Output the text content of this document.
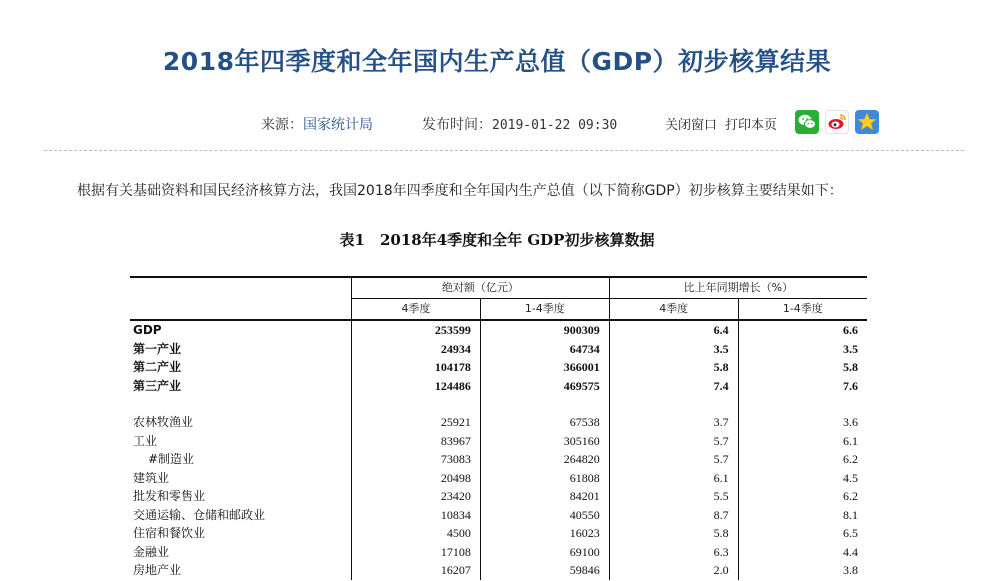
2018年四季度和全年国内生产总值（GDP）初步核算结果
来源：国家统计局	发布时间：2019-01-22 09:30	关闭窗口 打印本页
根据有关基础资料和国民经济核算方法，我国2018年四季度和全年国内生产总值（以下简称GDP）初步核算主要结果如下：
表1　2018年4季度和全年 GDP初步核算数据
	绝对额（亿元）		比上年同期增长（%）	
	4季度	1-4季度	4季度	1-4季度
GDP	253599	900309	6.4	6.6
第一产业	24934	64734	3.5	3.5
第二产业	104178	366001	5.8	5.8
第三产业	124486	469575	7.4	7.6

农林牧渔业	25921	67538	3.7	3.6
工业	83967	305160	5.7	6.1
#制造业	73083	264820	5.7	6.2
建筑业	20498	61808	6.1	4.5
批发和零售业	23420	84201	5.5	6.2
交通运输、仓储和邮政业	10834	40550	8.7	8.1
住宿和餐饮业	4500	16023	5.8	6.5
金融业	17108	69100	6.3	4.4
房地产业	16207	59846	2.0	3.8
